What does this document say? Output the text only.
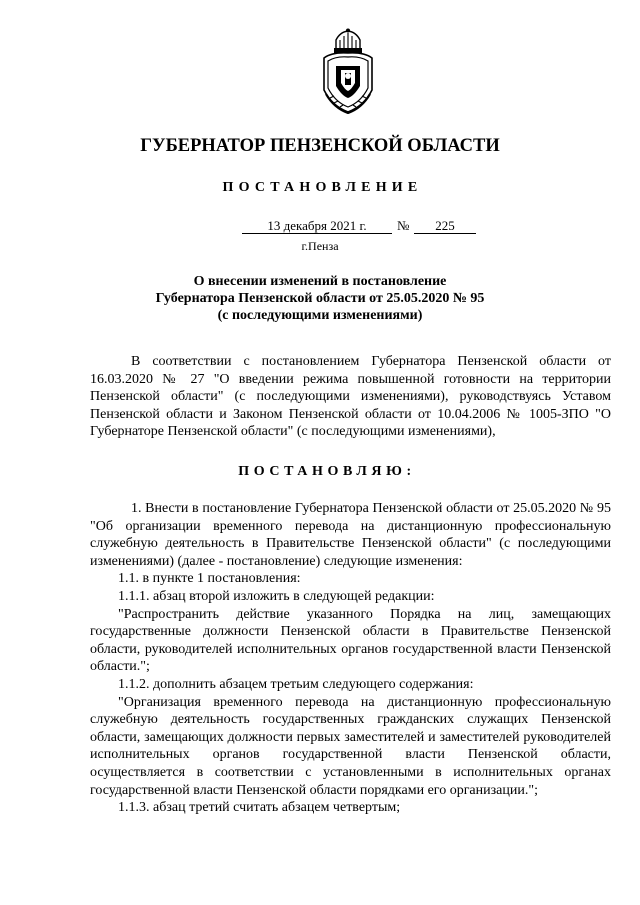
ГУБЕРНАТОР ПЕНЗЕНСКОЙ ОБЛАСТИ
ПОСТАНОВЛЕНИЕ
13 декабря 2021 г.	№	225
г.Пенза
О внесении изменений в постановление
Губернатора Пензенской области от 25.05.2020 № 95
(с последующими изменениями)

В соответствии с постановлением Губернатора Пензенской области от 16.03.2020 № 27 "О введении режима повышенной готовности на территории Пензенской области" (с последующими изменениями), руководствуясь Уставом Пензенской области и Законом Пензенской области от 10.04.2006 № 1005-ЗПО "О Губернаторе Пензенской области" (с последующими изменениями),

ПОСТАНОВЛЯЮ:

1. Внести в постановление Губернатора Пензенской области от 25.05.2020 № 95 "Об организации временного перевода на дистанционную профессиональную служебную деятельность в Правительстве Пензенской области" (с последующими изменениями) (далее - постановление) следующие изменения:

1.1. в пункте 1 постановления:

1.1.1. абзац второй изложить в следующей редакции:

"Распространить действие указанного Порядка на лиц, замещающих государственные должности Пензенской области в Правительстве Пензенской области, руководителей исполнительных органов государственной власти Пензенской области.";

1.1.2. дополнить абзацем третьим следующего содержания:

"Организация временного перевода на дистанционную профессиональную служебную деятельность государственных гражданских служащих Пензенской области, замещающих должности первых заместителей и заместителей руководителей исполнительных органов государственной власти Пензенской области, осуществляется в соответствии с установленными в исполнительных органах государственной власти Пензенской области порядками его организации.";

1.1.3. абзац третий считать абзацем четвертым;
